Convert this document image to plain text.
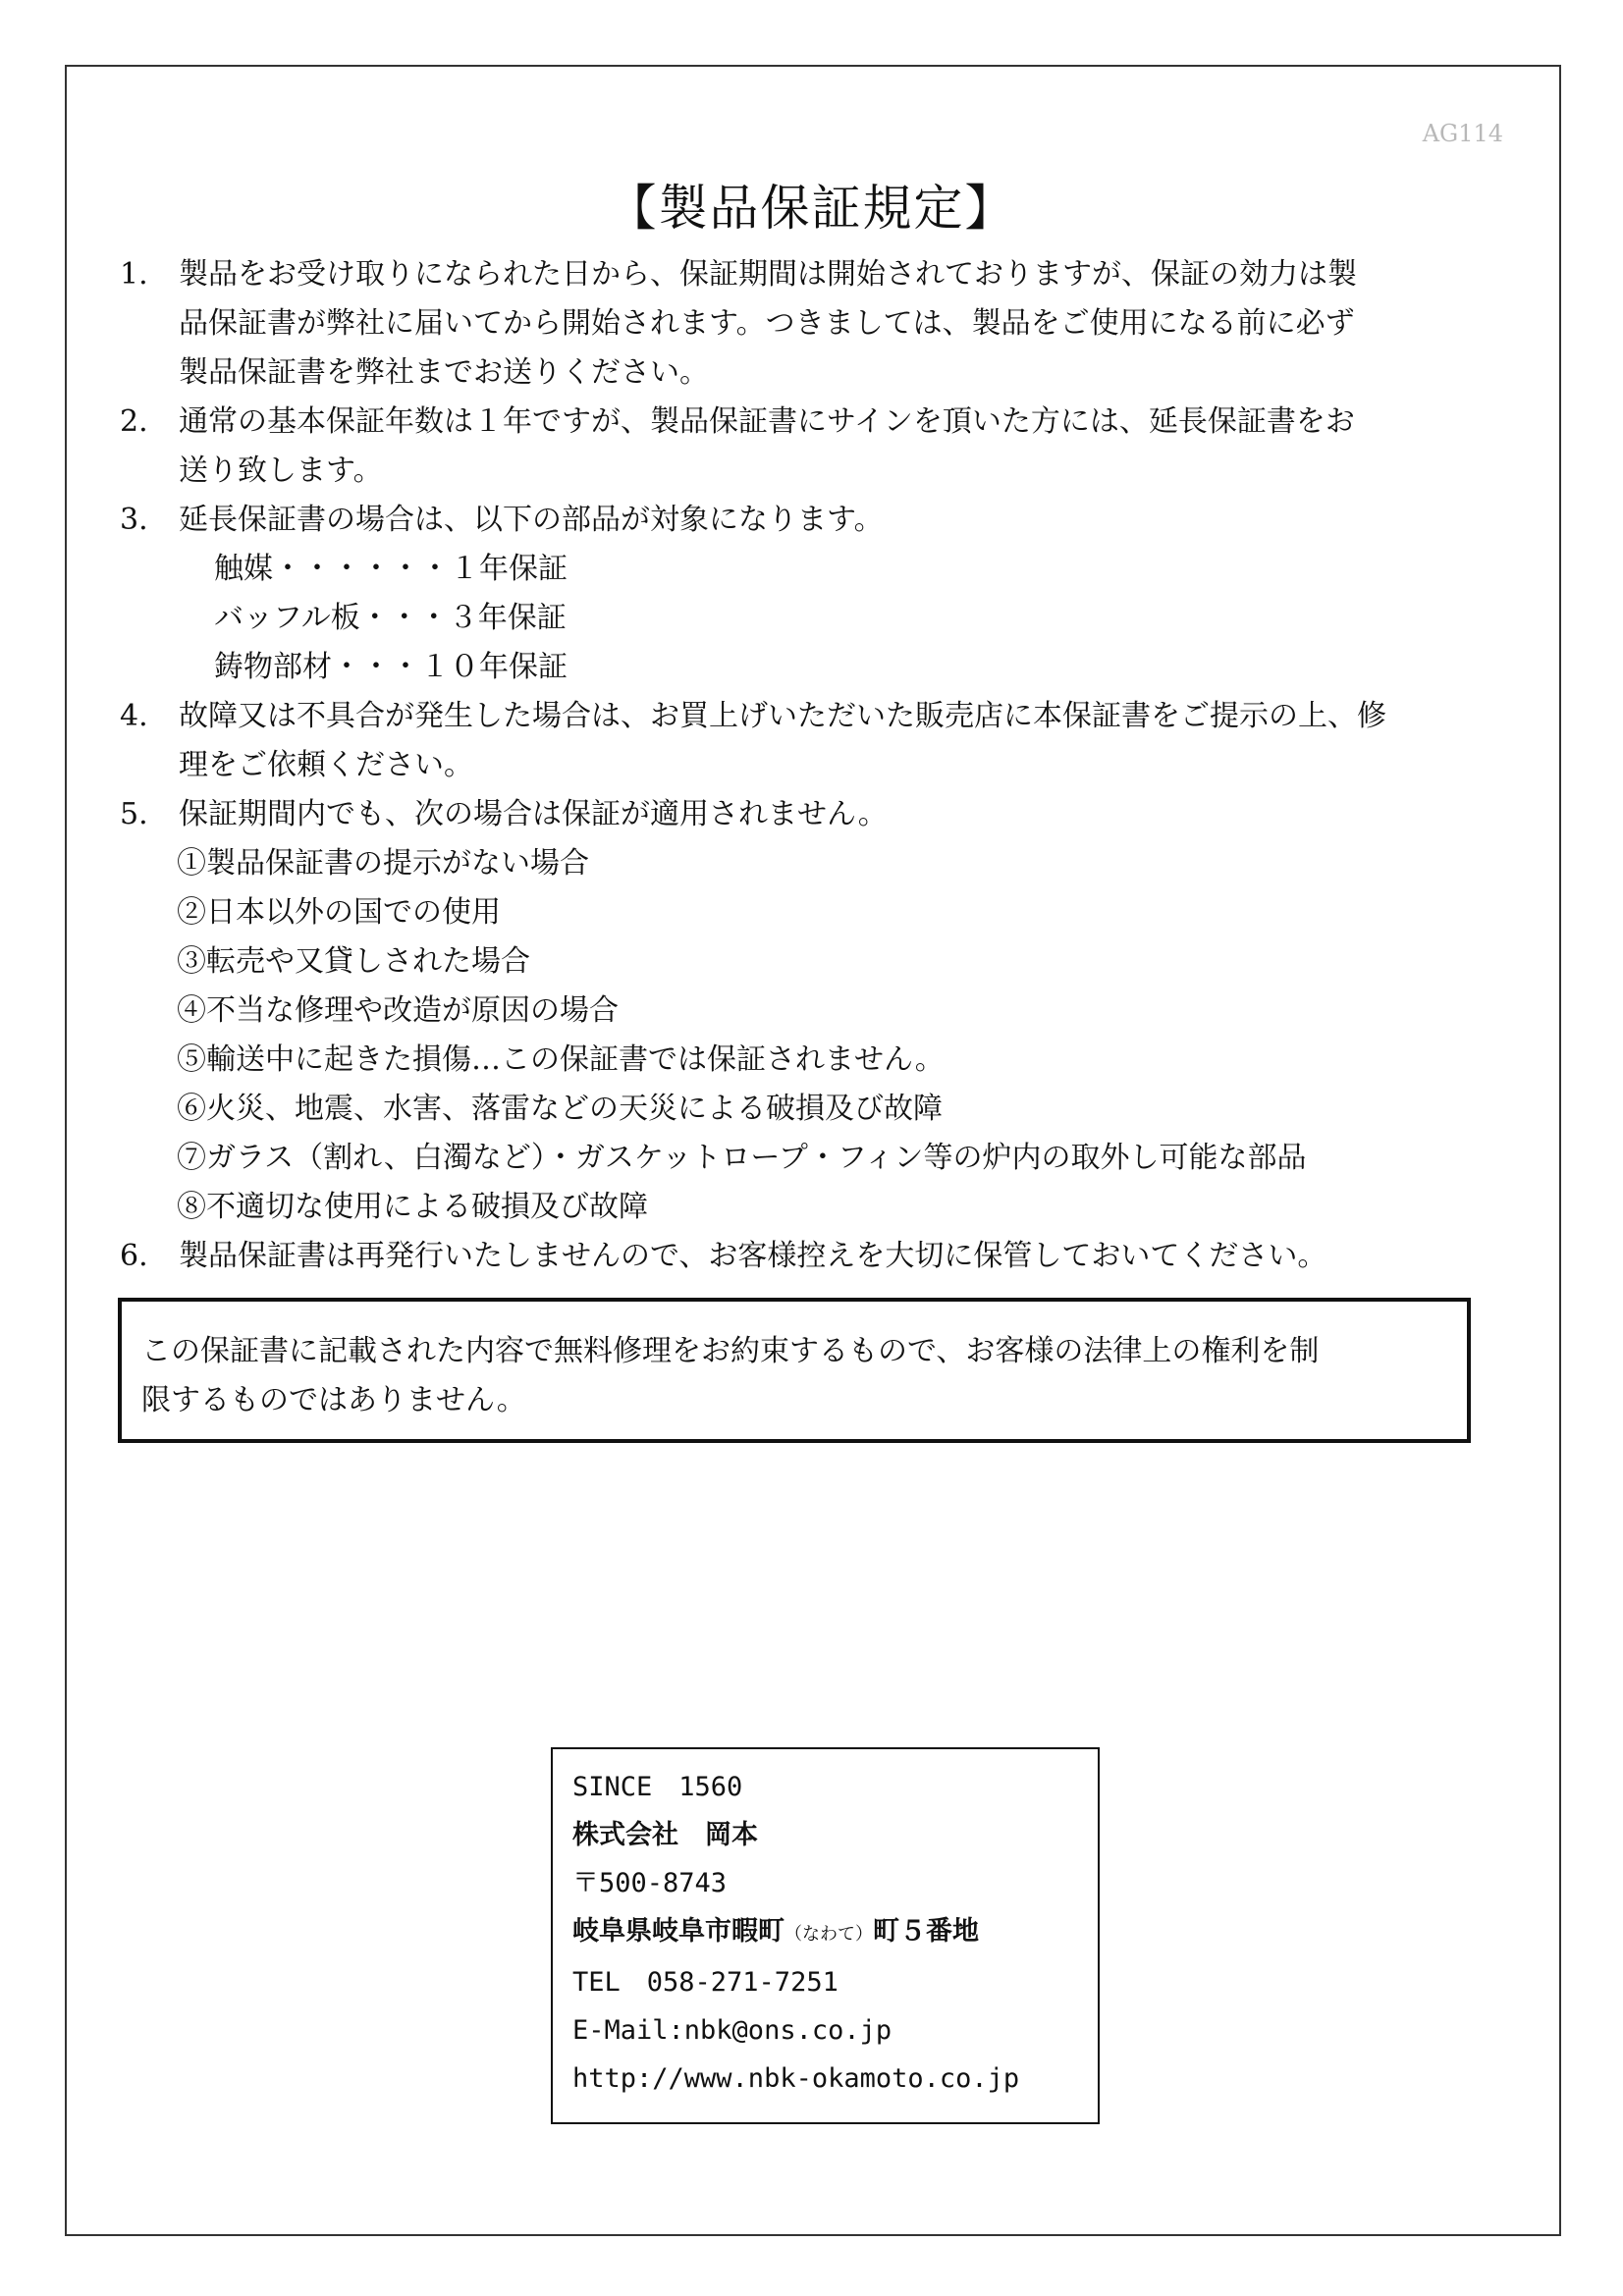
AG114
【製品保証規定】
1. 製品をお受け取りになられた日から、保証期間は開始されておりますが、保証の効力は製
品保証書が弊社に届いてから開始されます。つきましては、製品をご使用になる前に必ず
製品保証書を弊社までお送りください。
2. 通常の基本保証年数は１年ですが、製品保証書にサインを頂いた方には、延長保証書をお
送り致します。
3. 延長保証書の場合は、以下の部品が対象になります。
触媒・・・・・・１年保証
バッフル板・・・３年保証
鋳物部材・・・１０年保証
4. 故障又は不具合が発生した場合は、お買上げいただいた販売店に本保証書をご提示の上、修
理をご依頼ください。
5. 保証期間内でも、次の場合は保証が適用されません。
①製品保証書の提示がない場合
②日本以外の国での使用
③転売や又貸しされた場合
④不当な修理や改造が原因の場合
⑤輸送中に起きた損傷…この保証書では保証されません。
⑥火災、地震、水害、落雷などの天災による破損及び故障
⑦ガラス（割れ、白濁など）・ガスケットロープ・フィン等の炉内の取外し可能な部品
⑧不適切な使用による破損及び故障
6. 製品保証書は再発行いたしませんので、お客様控えを大切に保管しておいてください。
この保証書に記載された内容で無料修理をお約束するもので、お客様の法律上の権利を制
限するものではありません。
SINCE　1560
株式会社　岡本
〒500-8743
岐阜県岐阜市暇町（なわて）町５番地
TEL　058-271-7251
E-Mail:nbk@ons.co.jp
http://www.nbk-okamoto.co.jp
